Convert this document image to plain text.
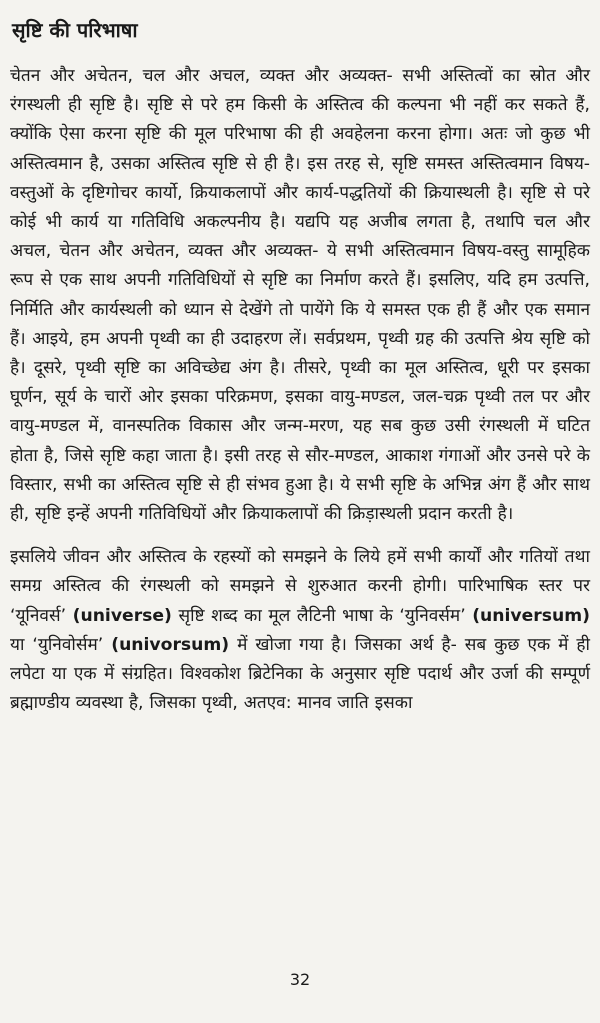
सृष्टि की परिभाषा

चेतन और अचेतन, चल और अचल, व्यक्त और अव्यक्त- सभी अस्तित्वों का स्रोत और रंगस्थली ही सृष्टि है। सृष्टि से परे हम किसी के अस्तित्व की कल्पना भी नहीं कर सकते हैं, क्योंकि ऐसा करना सृष्टि की मूल परिभाषा की ही अवहेलना करना होगा। अतः जो कुछ भी अस्तित्वमान है, उसका अस्तित्व सृष्टि से ही है। इस तरह से, सृष्टि समस्त अस्तित्वमान विषय-वस्तुओं के दृष्टिगोचर कार्यो, क्रियाकलापों और कार्य-पद्धतियों की क्रियास्थली है। सृष्टि से परे कोई भी कार्य या गतिविधि अकल्पनीय है। यद्यपि यह अजीब लगता है, तथापि चल और अचल, चेतन और अचेतन, व्यक्त और अव्यक्त- ये सभी अस्तित्वमान विषय-वस्तु सामूहिक रूप से एक साथ अपनी गतिविधियों से सृष्टि का निर्माण करते हैं। इसलिए, यदि हम उत्पत्ति, निर्मिति और कार्यस्थली को ध्यान से देखेंगे तो पायेंगे कि ये समस्त एक ही हैं और एक समान हैं। आइये, हम अपनी पृथ्वी का ही उदाहरण लें। सर्वप्रथम, पृथ्वी ग्रह की उत्पत्ति श्रेय सृष्टि को है। दूसरे, पृथ्वी सृष्टि का अविच्छेद्य अंग है। तीसरे, पृथ्वी का मूल अस्तित्व, धूरी पर इसका घूर्णन, सूर्य के चारों ओर इसका परिक्रमण, इसका वायु-मण्डल, जल-चक्र पृथ्वी तल पर और वायु-मण्डल में, वानस्पतिक विकास और जन्म-मरण, यह सब कुछ उसी रंगस्थली में घटित होता है, जिसे सृष्टि कहा जाता है। इसी तरह से सौर-मण्डल, आकाश गंगाओं और उनसे परे के विस्तार, सभी का अस्तित्व सृष्टि से ही संभव हुआ है। ये सभी सृष्टि के अभिन्न अंग हैं और साथ ही, सृष्टि इन्हें अपनी गतिविधियों और क्रियाकलापों की क्रिड़ास्थली प्रदान करती है।

इसलिये जीवन और अस्तित्व के रहस्यों को समझने के लिये हमें सभी कार्यों और गतियों तथा समग्र अस्तित्व की रंगस्थली को समझने से शुरुआत करनी होगी। पारिभाषिक स्तर पर ‘यूनिवर्स’ (universe) सृष्टि शब्द का मूल लैटिनी भाषा के ‘युनिवर्सम’ (universum) या ‘युनिवोर्सम’ (univorsum) में खोजा गया है। जिसका अर्थ है- सब कुछ एक में ही लपेटा या एक में संग्रहित। विश्वकोश ब्रिटेनिका के अनुसार सृष्टि पदार्थ और उर्जा की सम्पूर्ण ब्रह्माण्डीय व्यवस्था है, जिसका पृथ्वी, अतएव: मानव जाति इसका

32
